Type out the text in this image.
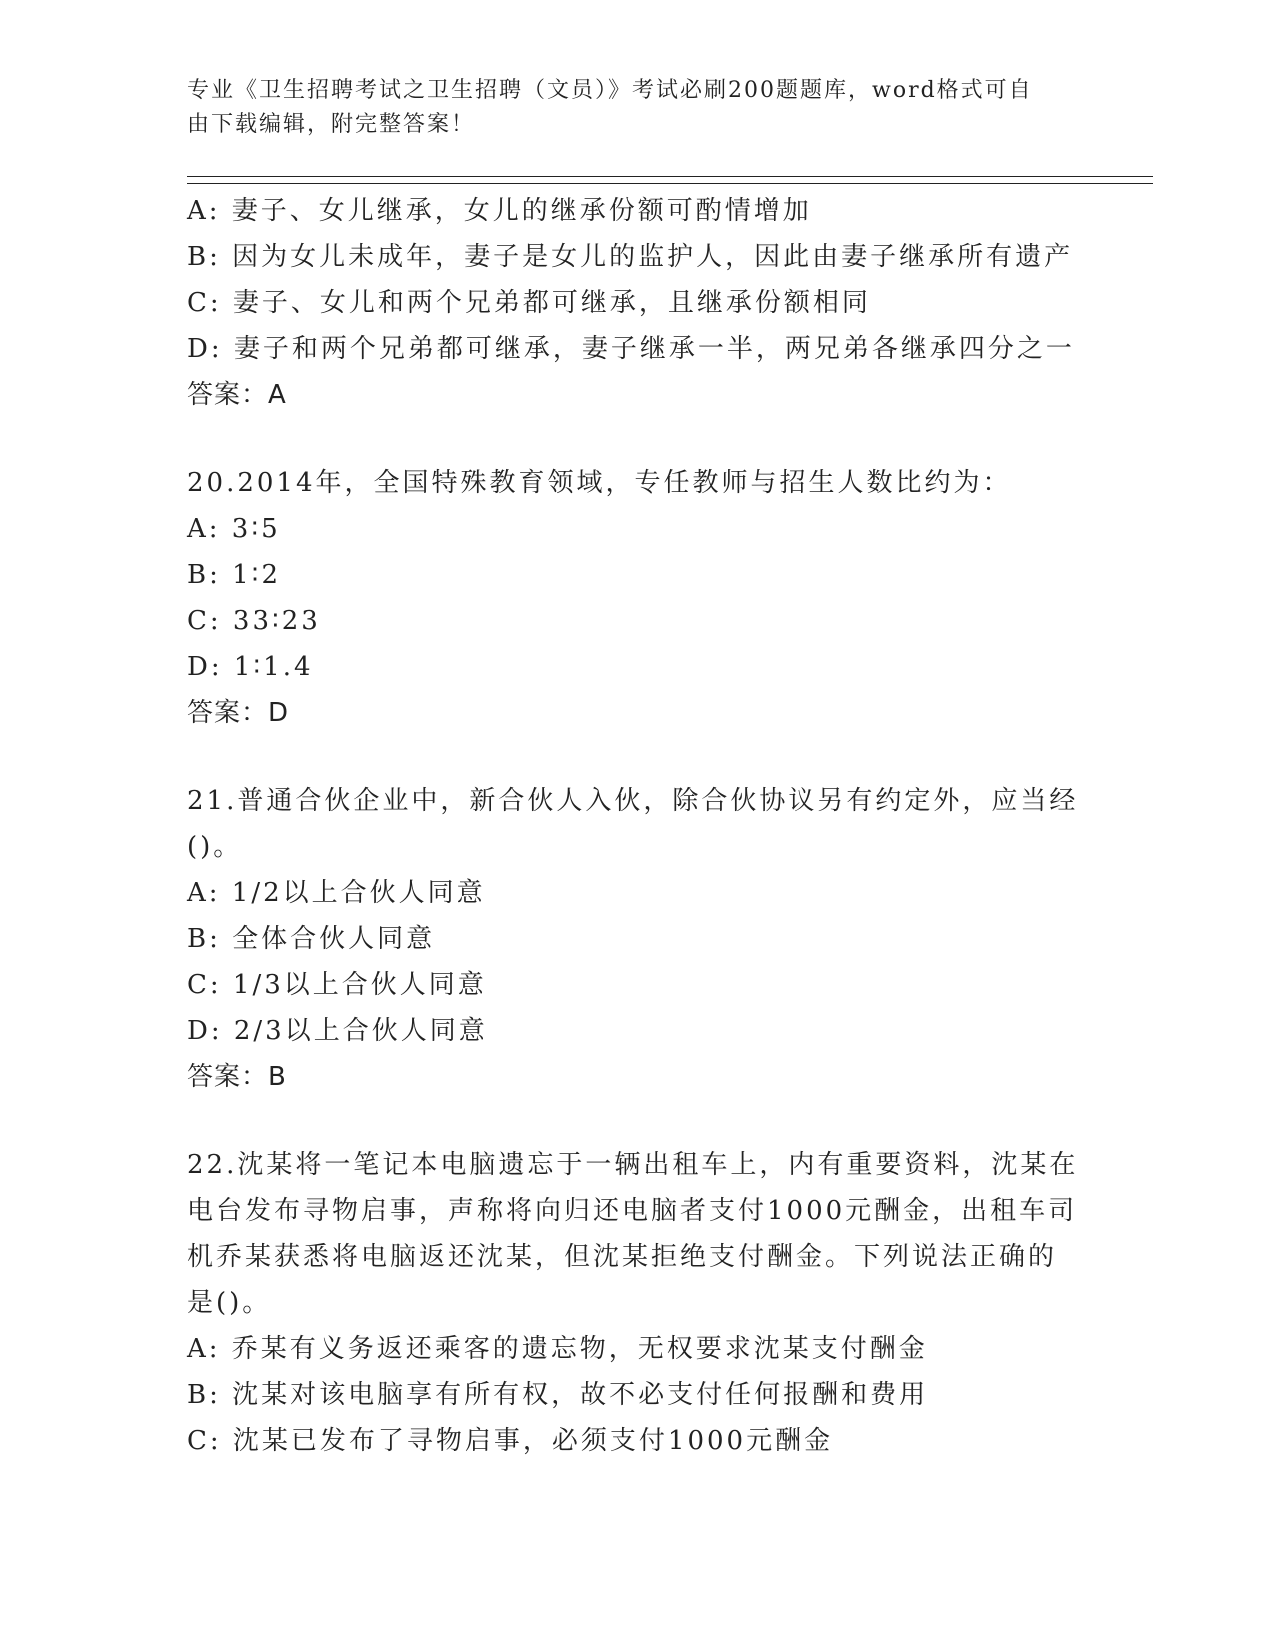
专业《卫生招聘考试之卫生招聘（文员）》考试必刷200题题库，word格式可自
由下载编辑，附完整答案！
A: 妻子、女儿继承，女儿的继承份额可酌情增加
B: 因为女儿未成年，妻子是女儿的监护人，因此由妻子继承所有遗产
C: 妻子、女儿和两个兄弟都可继承，且继承份额相同
D: 妻子和两个兄弟都可继承，妻子继承一半，两兄弟各继承四分之一
答案：A
20.2014年，全国特殊教育领域，专任教师与招生人数比约为：
A: 3∶5
B: 1∶2
C: 33∶23
D: 1∶1.4
答案：D
21.普通合伙企业中，新合伙人入伙，除合伙协议另有约定外，应当经
()。
A: 1/2以上合伙人同意
B: 全体合伙人同意
C: 1/3以上合伙人同意
D: 2/3以上合伙人同意
答案：B
22.沈某将一笔记本电脑遗忘于一辆出租车上，内有重要资料，沈某在
电台发布寻物启事，声称将向归还电脑者支付1000元酬金，出租车司
机乔某获悉将电脑返还沈某，但沈某拒绝支付酬金。下列说法正确的
是()。
A: 乔某有义务返还乘客的遗忘物，无权要求沈某支付酬金
B: 沈某对该电脑享有所有权，故不必支付任何报酬和费用
C: 沈某已发布了寻物启事，必须支付1000元酬金
